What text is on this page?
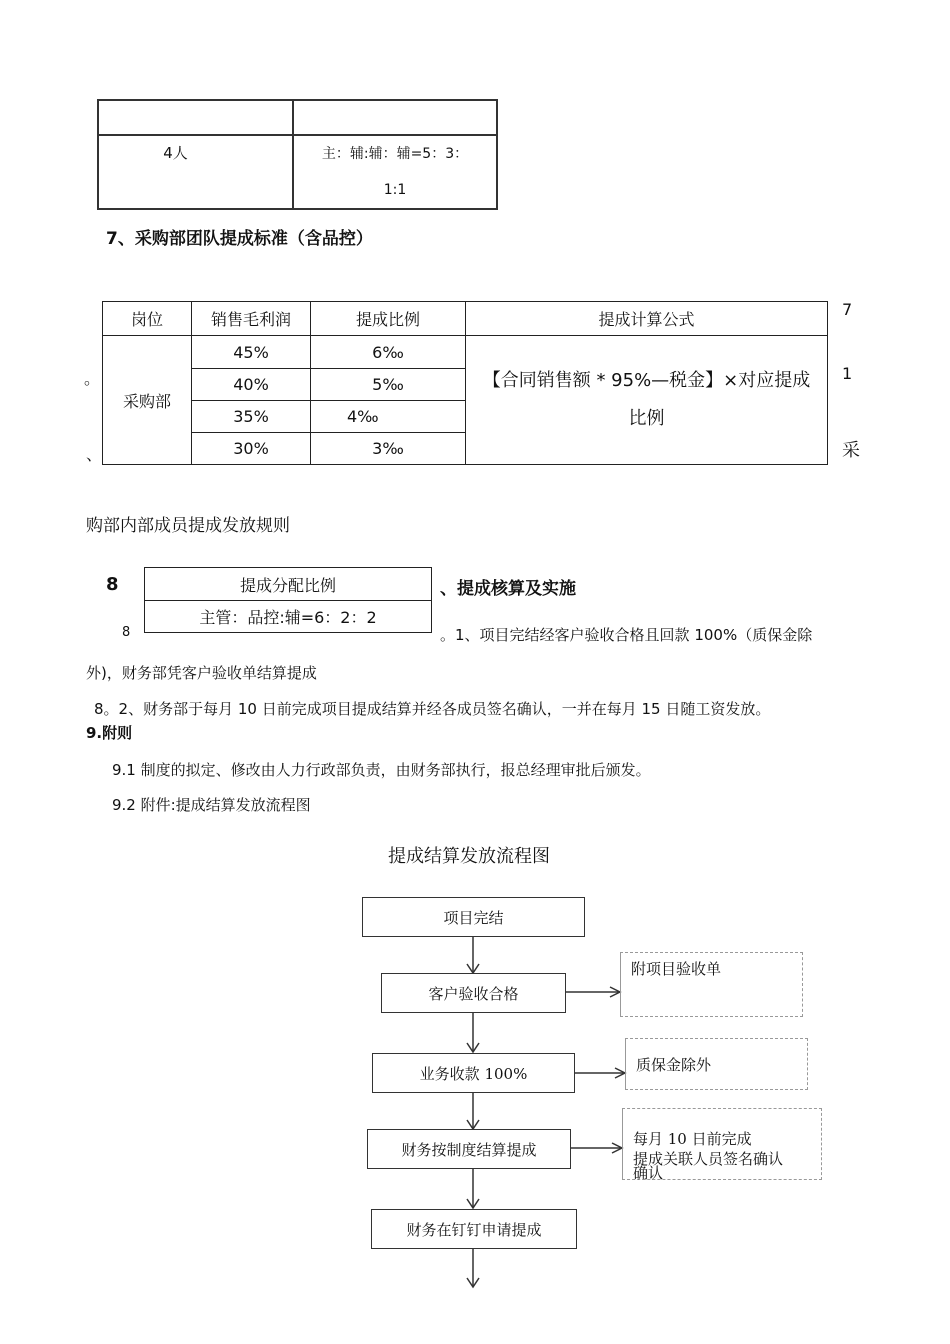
4人	主：辅:辅：辅=5：3：
1:1
7、采购部团队提成标准（含品控）
岗位	销售毛利润	提成比例	提成计算公式
采购部	45%	6‰	【合同销售额 * 95%—税金】×对应提成
比例

	40%	5‰	
	35%	4‰	
	30%	3‰	
。
、
7
1
采
购部内部成员提成发放规则
8
8
提成分配比例
主管：品控:辅=6：2：2
、提成核算及实施
。1、项目完结经客户验收合格且回款 100%（质保金除
外)，财务部凭客户验收单结算提成
8。2、财务部于每月 10 日前完成项目提成结算并经各成员签名确认，一并在每月 15 日随工资发放。
9.附则
9.1 制度的拟定、修改由人力行政部负责，由财务部执行，报总经理审批后颁发。
9.2 附件:提成结算发放流程图
提成结算发放流程图
项目完结
客户验收合格
业务收款 100%
财务按制度结算提成
财务在钉钉申请提成
附项目验收单
质保金除外
每月 10 日前完成
提成关联人员签名确认
确认
